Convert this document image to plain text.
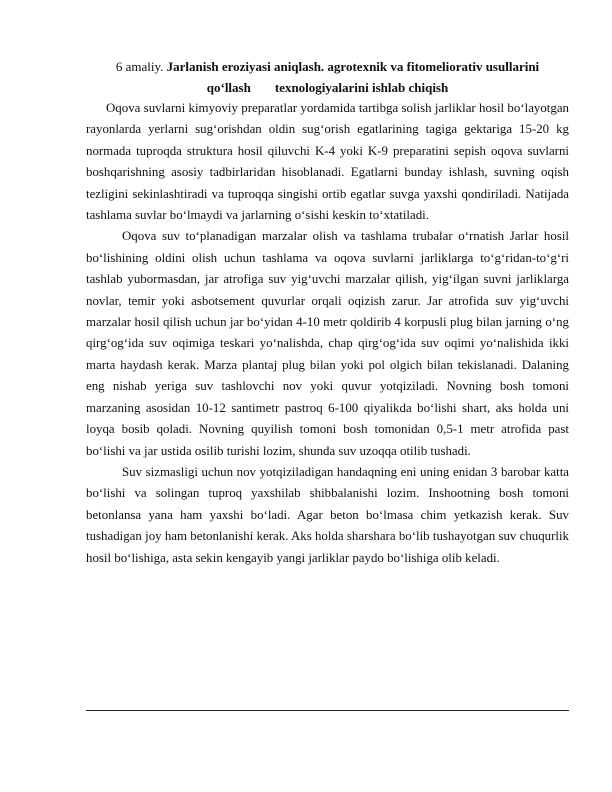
6 amaliy. Jarlanish eroziyasi aniqlash. agrotexnik va fitomeliorativ usullarini
qo‘llash texnologiyalarini ishlab chiqish

Oqova suvlarni kimyoviy preparatlar yordamida tartibga solish jarliklar hosil bo‘layotgan rayonlarda yerlarni sug‘orishdan oldin sug‘orish egatlarining tagiga gektariga 15-20 kg normada tuproqda struktura hosil qiluvchi K-4 yoki K-9 preparatini sepish oqova suvlarni boshqarishning asosiy tadbirlaridan hisoblanadi. Egatlarni bunday ishlash, suvning oqish tezligini sekinlashtiradi va tuproqqa singishi ortib egatlar suvga yaxshi qondiriladi. Natijada tashlama suvlar bo‘lmaydi va jarlarning o‘sishi keskin to‘xtatiladi.

Oqova suv to‘planadigan marzalar olish va tashlama trubalar o‘rnatish Jarlar hosil bo‘lishining oldini olish uchun tashlama va oqova suvlarni jarliklarga to‘g‘ridan-to‘g‘ri tashlab yubormasdan, jar atrofiga suv yig‘uvchi marzalar qilish, yig‘ilgan suvni jarliklarga novlar, temir yoki asbotsement quvurlar orqali oqizish zarur. Jar atrofida suv yig‘uvchi marzalar hosil qilish uchun jar bo‘yidan 4-10 metr qoldirib 4 korpusli plug bilan jarning o‘ng qirg‘og‘ida suv oqimiga teskari yo‘nalishda, chap qirg‘og‘ida suv oqimi yo‘nalishida ikki marta haydash kerak. Marza plantaj plug bilan yoki pol olgich bilan tekislanadi. Dalaning eng nishab yeriga suv tashlovchi nov yoki quvur yotqiziladi. Novning bosh tomoni marzaning asosidan 10-12 santimetr pastroq 6-100 qiyalikda bo‘lishi shart, aks holda uni loyqa bosib qoladi. Novning quyilish tomoni bosh tomonidan 0,5-1 metr atrofida past bo‘lishi va jar ustida osilib turishi lozim, shunda suv uzoqqa otilib tushadi.

Suv sizmasligi uchun nov yotqiziladigan handaqning eni uning enidan 3 barobar katta bo‘lishi va solingan tuproq yaxshilab shibbalanishi lozim. Inshootning bosh tomoni betonlansa yana ham yaxshi bo‘ladi. Agar beton bo‘lmasa chim yetkazish kerak. Suv tushadigan joy ham betonlanishi kerak. Aks holda sharshara bo‘lib tushayotgan suv chuqurlik hosil bo‘lishiga, asta sekin kengayib yangi jarliklar paydo bo‘lishiga olib keladi.
